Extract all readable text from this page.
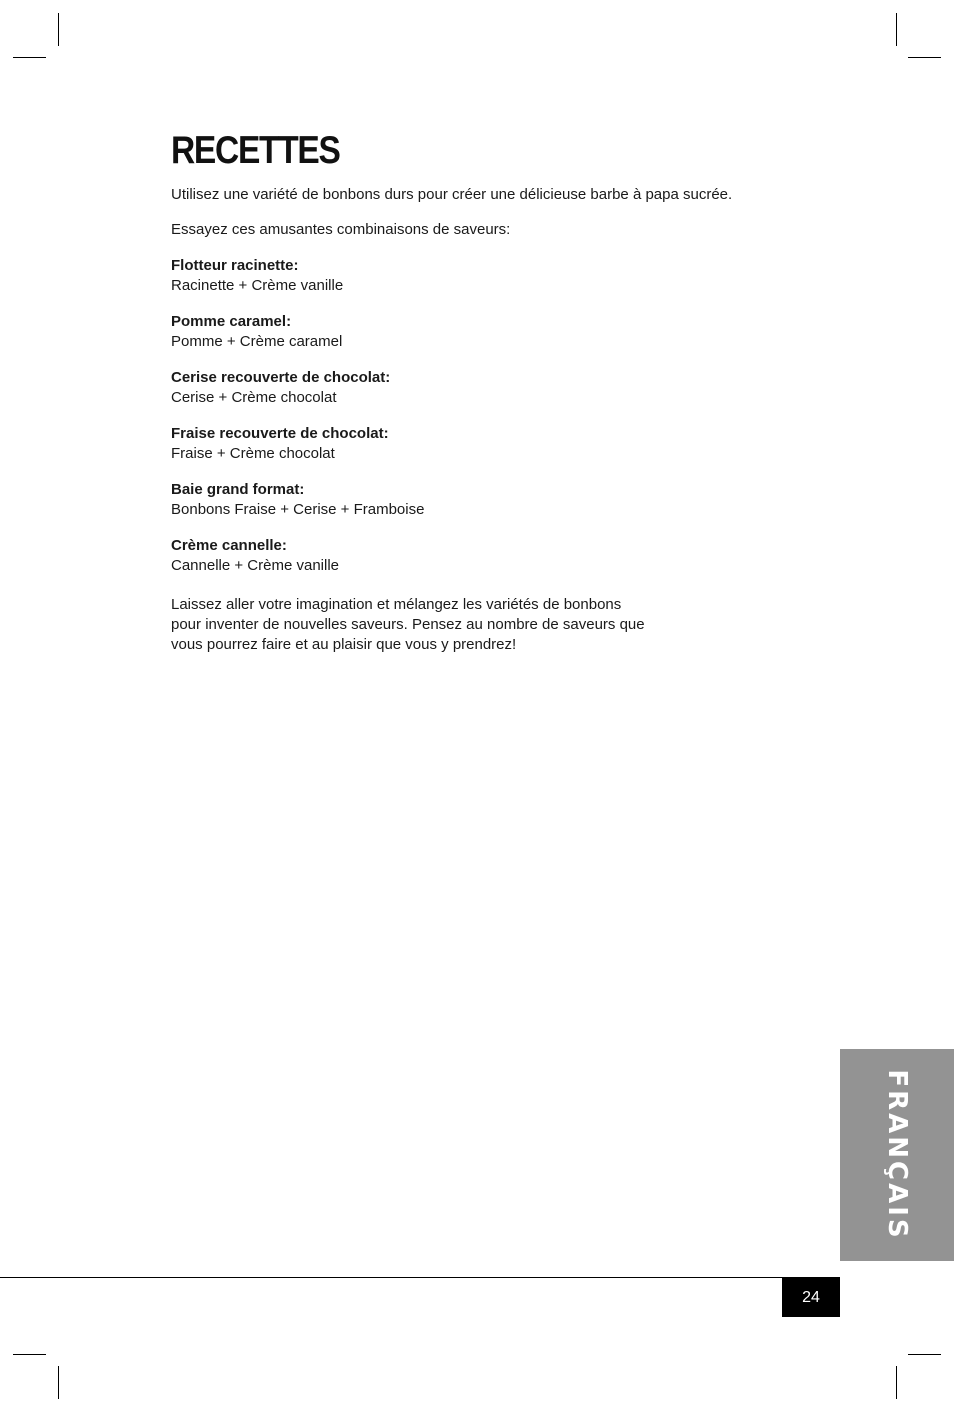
RECETTES

Utilisez une variété de bonbons durs pour créer une délicieuse barbe à papa sucrée.

Essayez ces amusantes combinaisons de saveurs:

Flotteur racinette:
Racinette + Crème vanille
Pomme caramel:
Pomme + Crème caramel
Cerise recouverte de chocolat:
Cerise + Crème chocolat
Fraise recouverte de chocolat:
Fraise + Crème chocolat
Baie grand format:
Bonbons Fraise + Cerise + Framboise
Crème cannelle:
Cannelle + Crème vanille

Laissez aller votre imagination et mélangez les variétés de bonbons pour inventer de nouvelles saveurs. Pensez au nombre de saveurs que vous pourrez faire et au plaisir que vous y prendrez!

FRANÇAIS
24
